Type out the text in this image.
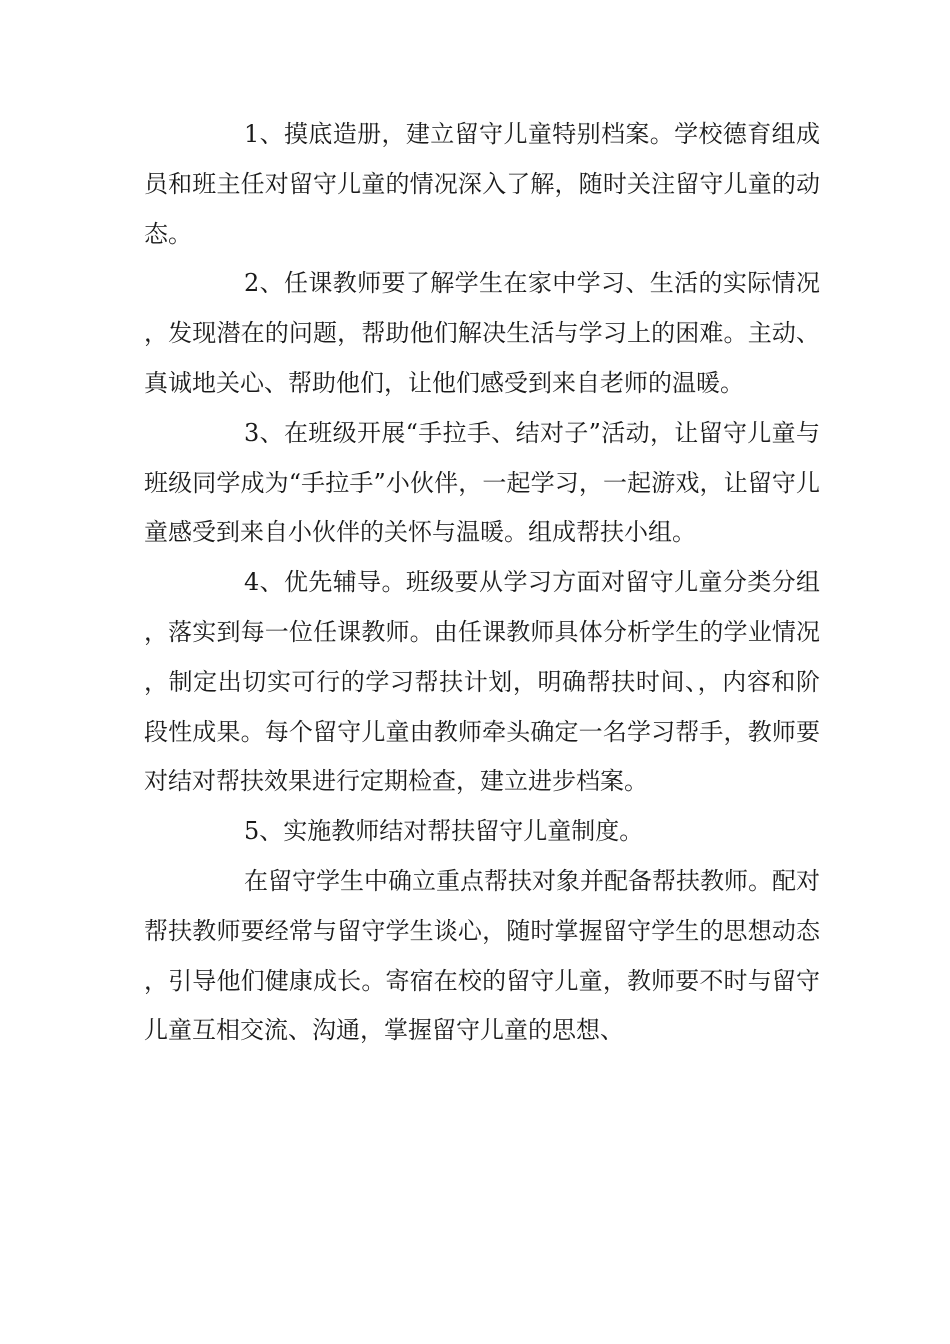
1、摸底造册，建立留守儿童特别档案。学校德育组成员和班主任对留守儿童的情况深入了解，随时关注留守儿童的动态。

2、任课教师要了解学生在家中学习、生活的实际情况，发现潜在的问题，帮助他们解决生活与学习上的困难。主动、真诚地关心、帮助他们，让他们感受到来自老师的温暖。

3、在班级开展“手拉手、结对子”活动，让留守儿童与班级同学成为“手拉手”小伙伴，一起学习，一起游戏，让留守儿童感受到来自小伙伴的关怀与温暖。组成帮扶小组。

4、优先辅导。班级要从学习方面对留守儿童分类分组，落实到每一位任课教师。由任课教师具体分析学生的学业情况，制定出切实可行的学习帮扶计划，明确帮扶时间、，内容和阶段性成果。每个留守儿童由教师牵头确定一名学习帮手，教师要对结对帮扶效果进行定期检查，建立进步档案。

5、实施教师结对帮扶留守儿童制度。

在留守学生中确立重点帮扶对象并配备帮扶教师。配对帮扶教师要经常与留守学生谈心，随时掌握留守学生的思想动态，引导他们健康成长。寄宿在校的留守儿童，教师要不时与留守儿童互相交流、沟通，掌握留守儿童的思想、
